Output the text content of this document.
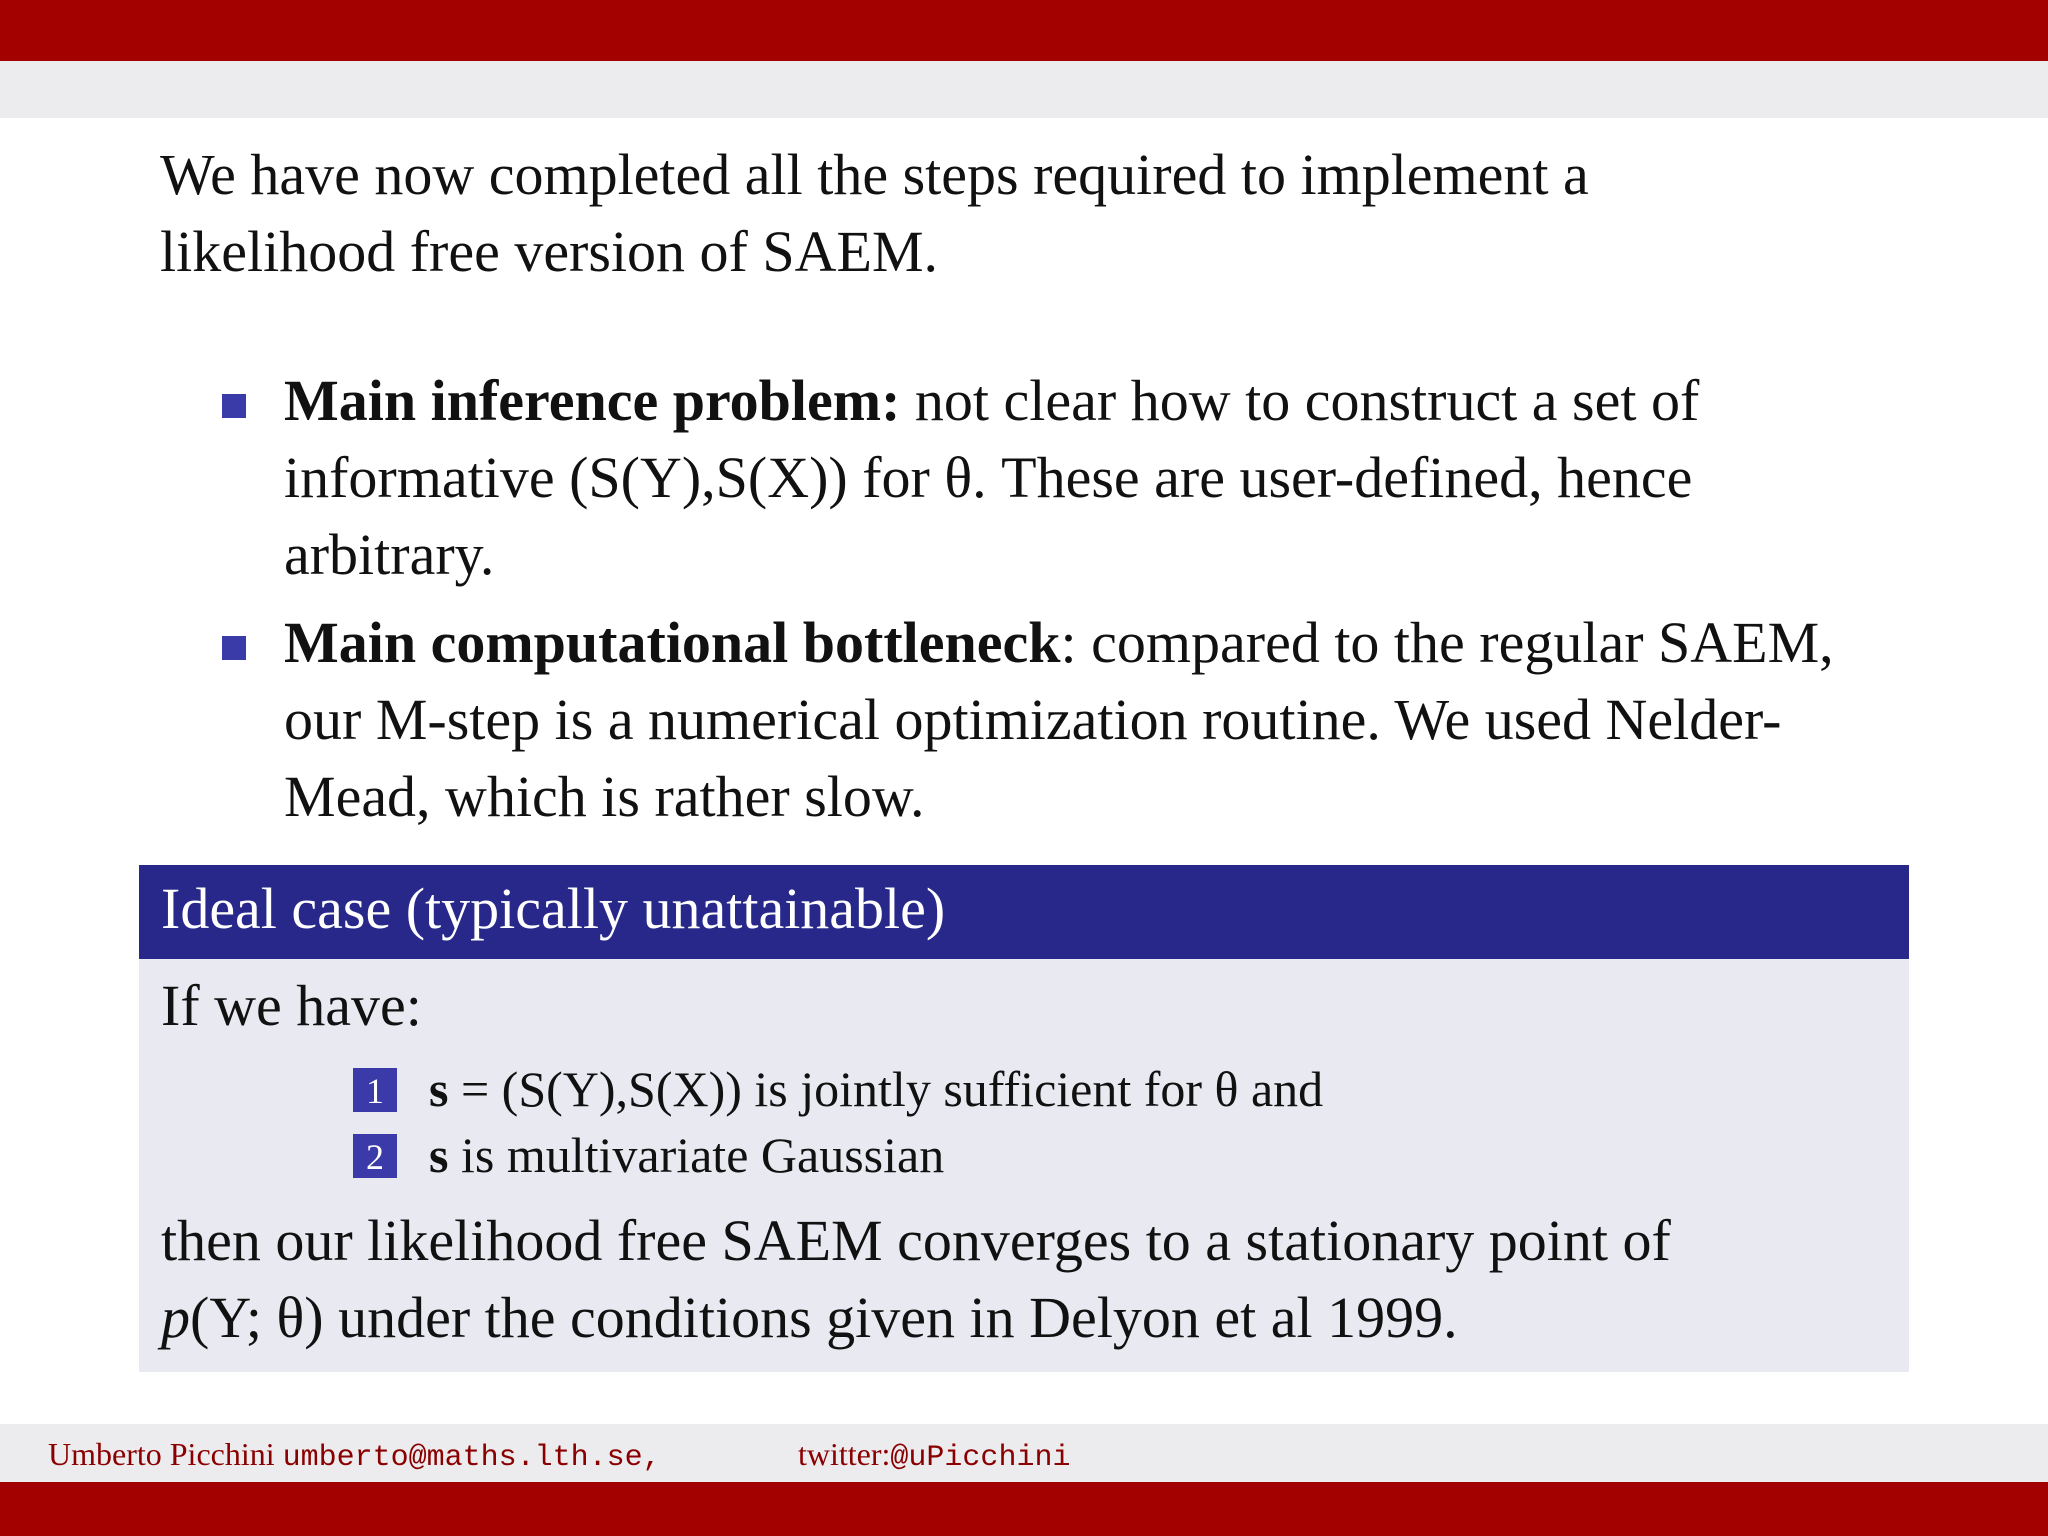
We have now completed all the steps required to implement a
likelihood free version of SAEM.
Main inference problem: not clear how to construct a set of informative (S(Y),S(X)) for θ. These are user-defined, hence arbitrary.
Main computational bottleneck: compared to the regular SAEM, our M-step is a numerical optimization routine. We used Nelder-Mead, which is rather slow.
Ideal case (typically unattainable)

If we have:

1 s = (S(Y),S(X)) is jointly sufficient for θ and
2 s is multivariate Gaussian

then our likelihood free SAEM converges to a stationary point of

p(Y; θ) under the conditions given in Delyon et al 1999.

Umberto Picchini umberto@maths.lth.se,	twitter:@uPicchini
